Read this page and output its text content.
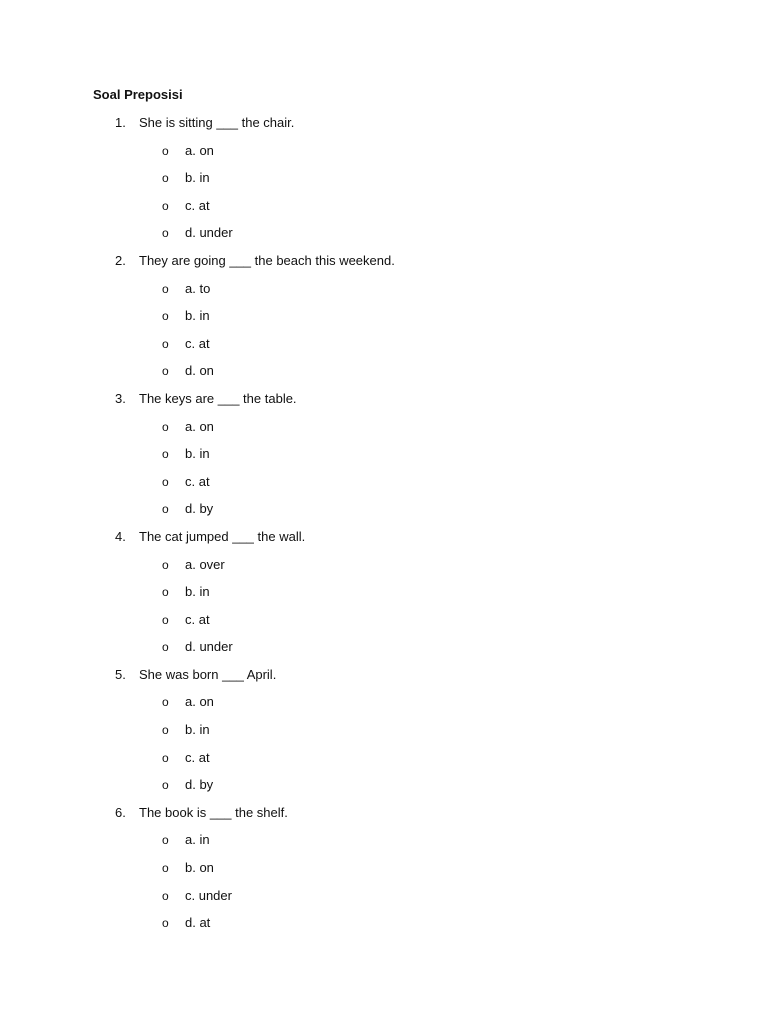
Soal Preposisi
1. She is sitting ___ the chair.
o a. on
o b. in
o c. at
o d. under
2. They are going ___ the beach this weekend.
o a. to
o b. in
o c. at
o d. on
3. The keys are ___ the table.
o a. on
o b. in
o c. at
o d. by
4. The cat jumped ___ the wall.
o a. over
o b. in
o c. at
o d. under
5. She was born ___ April.
o a. on
o b. in
o c. at
o d. by
6. The book is ___ the shelf.
o a. in
o b. on
o c. under
o d. at
